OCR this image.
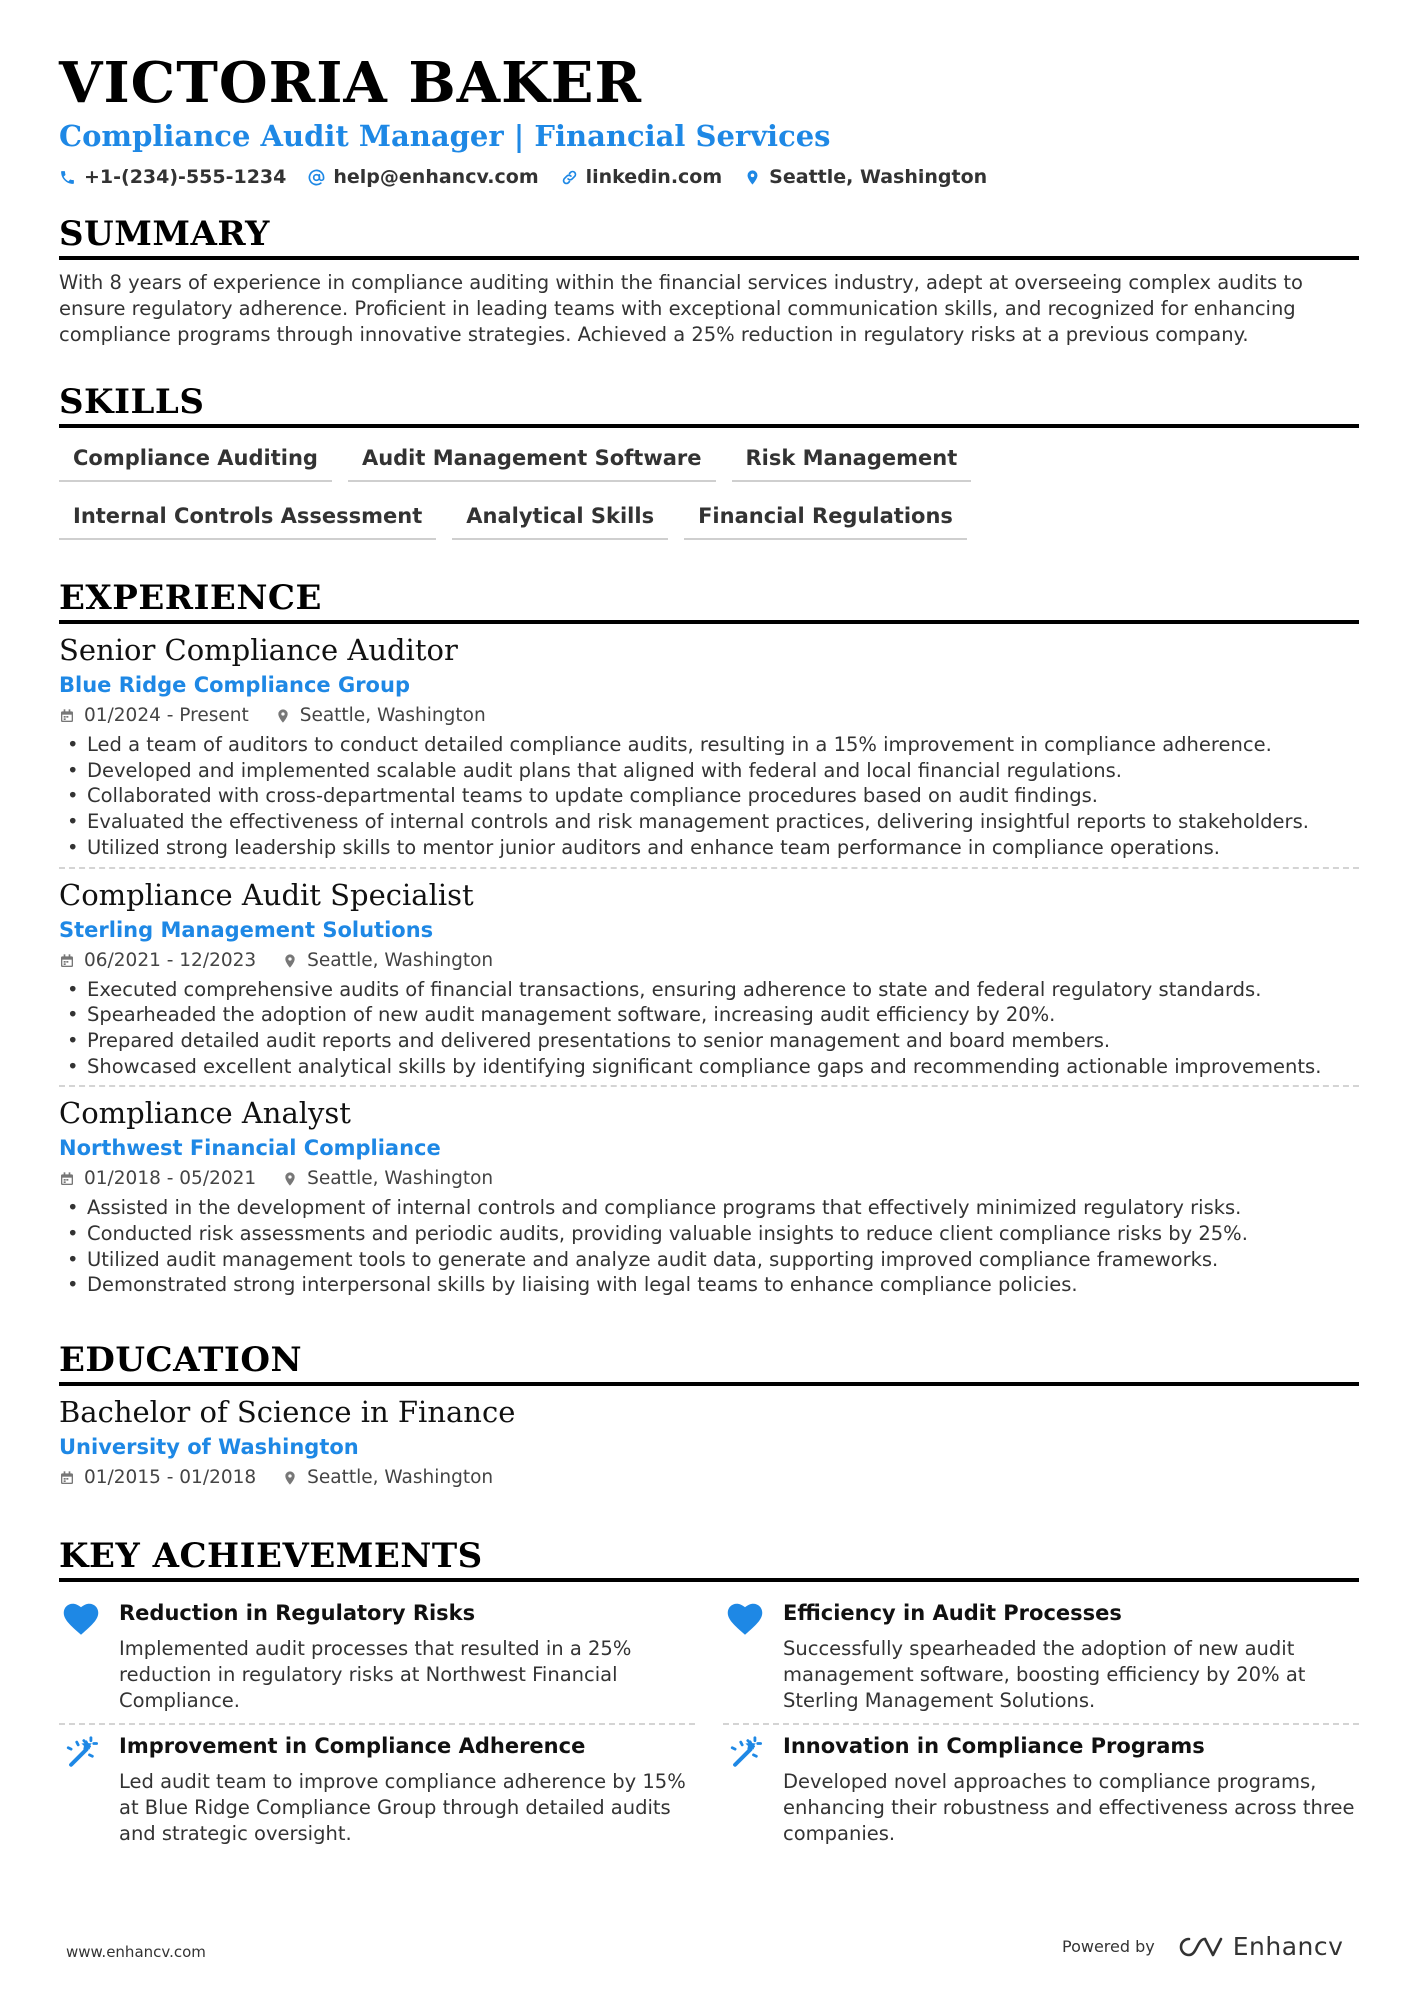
VICTORIA BAKER
Compliance Audit Manager | Financial Services
+1-(234)-555-1234 help@enhancv.com linkedin.com Seattle, Washington
SUMMARY
With 8 years of experience in compliance auditing within the financial services industry, adept at overseeing complex audits to ensure regulatory adherence. Proficient in leading teams with exceptional communication skills, and recognized for enhancing compliance programs through innovative strategies. Achieved a 25% reduction in regulatory risks at a previous company.
SKILLS
Compliance Auditing	Audit Management Software	Risk Management
Internal Controls Assessment	Analytical Skills	Financial Regulations
EXPERIENCE
Senior Compliance Auditor
Blue Ridge Compliance Group
01/2024 - Present	Seattle, Washington
• Led a team of auditors to conduct detailed compliance audits, resulting in a 15% improvement in compliance adherence.
• Developed and implemented scalable audit plans that aligned with federal and local financial regulations.
• Collaborated with cross-departmental teams to update compliance procedures based on audit findings.
• Evaluated the effectiveness of internal controls and risk management practices, delivering insightful reports to stakeholders.
• Utilized strong leadership skills to mentor junior auditors and enhance team performance in compliance operations.
Compliance Audit Specialist
Sterling Management Solutions
06/2021 - 12/2023	Seattle, Washington
• Executed comprehensive audits of financial transactions, ensuring adherence to state and federal regulatory standards.
• Spearheaded the adoption of new audit management software, increasing audit efficiency by 20%.
• Prepared detailed audit reports and delivered presentations to senior management and board members.
• Showcased excellent analytical skills by identifying significant compliance gaps and recommending actionable improvements.
Compliance Analyst
Northwest Financial Compliance
01/2018 - 05/2021	Seattle, Washington
• Assisted in the development of internal controls and compliance programs that effectively minimized regulatory risks.
• Conducted risk assessments and periodic audits, providing valuable insights to reduce client compliance risks by 25%.
• Utilized audit management tools to generate and analyze audit data, supporting improved compliance frameworks.
• Demonstrated strong interpersonal skills by liaising with legal teams to enhance compliance policies.
EDUCATION
Bachelor of Science in Finance
University of Washington
01/2015 - 01/2018	Seattle, Washington
KEY ACHIEVEMENTS
Reduction in Regulatory Risks
Implemented audit processes that resulted in a 25% reduction in regulatory risks at Northwest Financial Compliance.
Efficiency in Audit Processes
Successfully spearheaded the adoption of new audit management software, boosting efficiency by 20% at Sterling Management Solutions.
Improvement in Compliance Adherence
Led audit team to improve compliance adherence by 15% at Blue Ridge Compliance Group through detailed audits and strategic oversight.
Innovation in Compliance Programs
Developed novel approaches to compliance programs, enhancing their robustness and effectiveness across three companies.
www.enhancv.com	Powered by	Enhancv
